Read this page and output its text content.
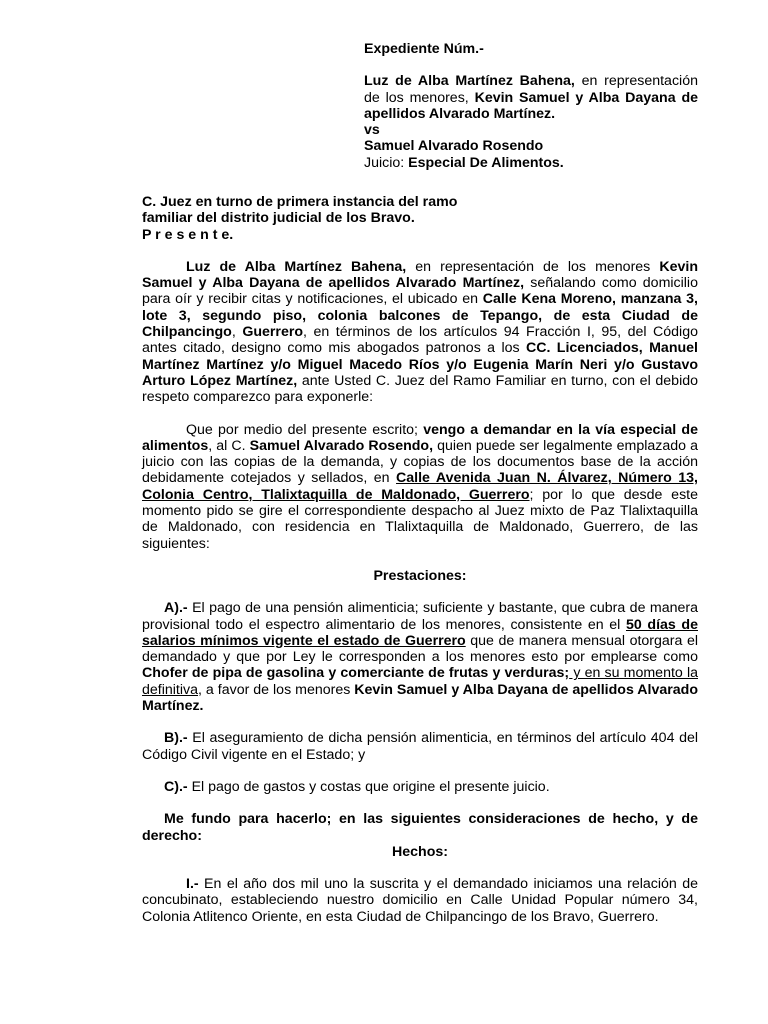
Expediente Núm.-

Luz de Alba Martínez Bahena, en representación de los menores, Kevin Samuel y Alba Dayana de apellidos Alvarado Martínez.

vs

Samuel Alvarado Rosendo

Juicio: Especial De Alimentos.

C. Juez en turno de primera instancia del ramo

familiar del distrito judicial de los Bravo.

P r e s e n t e.

Luz de Alba Martínez Bahena, en representación de los menores Kevin Samuel y Alba Dayana de apellidos Alvarado Martínez, señalando como domicilio para oír y recibir citas y notificaciones, el ubicado en Calle Kena Moreno, manzana 3, lote 3, segundo piso, colonia balcones de Tepango, de esta Ciudad de Chilpancingo, Guerrero, en términos de los artículos 94 Fracción I, 95, del Código antes citado, designo como mis abogados patronos a los CC. Licenciados, Manuel Martínez Martínez y/o Miguel Macedo Ríos y/o Eugenia Marín Neri y/o Gustavo Arturo López Martínez, ante Usted C. Juez del Ramo Familiar en turno, con el debido respeto comparezco para exponerle:

Que por medio del presente escrito; vengo a demandar en la vía especial de alimentos, al C. Samuel Alvarado Rosendo, quien puede ser legalmente emplazado a juicio con las copias de la demanda, y copias de los documentos base de la acción debidamente cotejados y sellados, en Calle Avenida Juan N. Álvarez, Número 13, Colonia Centro, Tlalixtaquilla de Maldonado, Guerrero; por lo que desde este momento pido se gire el correspondiente despacho al Juez mixto de Paz Tlalixtaquilla de Maldonado, con residencia en Tlalixtaquilla de Maldonado, Guerrero, de las siguientes:

Prestaciones:

A).- El pago de una pensión alimenticia; suficiente y bastante, que cubra de manera provisional todo el espectro alimentario de los menores, consistente en el 50 días de salarios mínimos vigente el estado de Guerrero que de manera mensual otorgara el demandado y que por Ley le corresponden a los menores esto por emplearse como Chofer de pipa de gasolina y comerciante de frutas y verduras; y en su momento la definitiva, a favor de los menores Kevin Samuel y Alba Dayana de apellidos Alvarado Martínez.

B).- El aseguramiento de dicha pensión alimenticia, en términos del artículo 404 del Código Civil vigente en el Estado; y

C).- El pago de gastos y costas que origine el presente juicio.

Me fundo para hacerlo; en las siguientes consideraciones de hecho, y de derecho:

Hechos:

I.- En el año dos mil uno la suscrita y el demandado iniciamos una relación de concubinato, estableciendo nuestro domicilio en Calle Unidad Popular número 34, Colonia Atlitenco Oriente, en esta Ciudad de Chilpancingo de los Bravo, Guerrero.
